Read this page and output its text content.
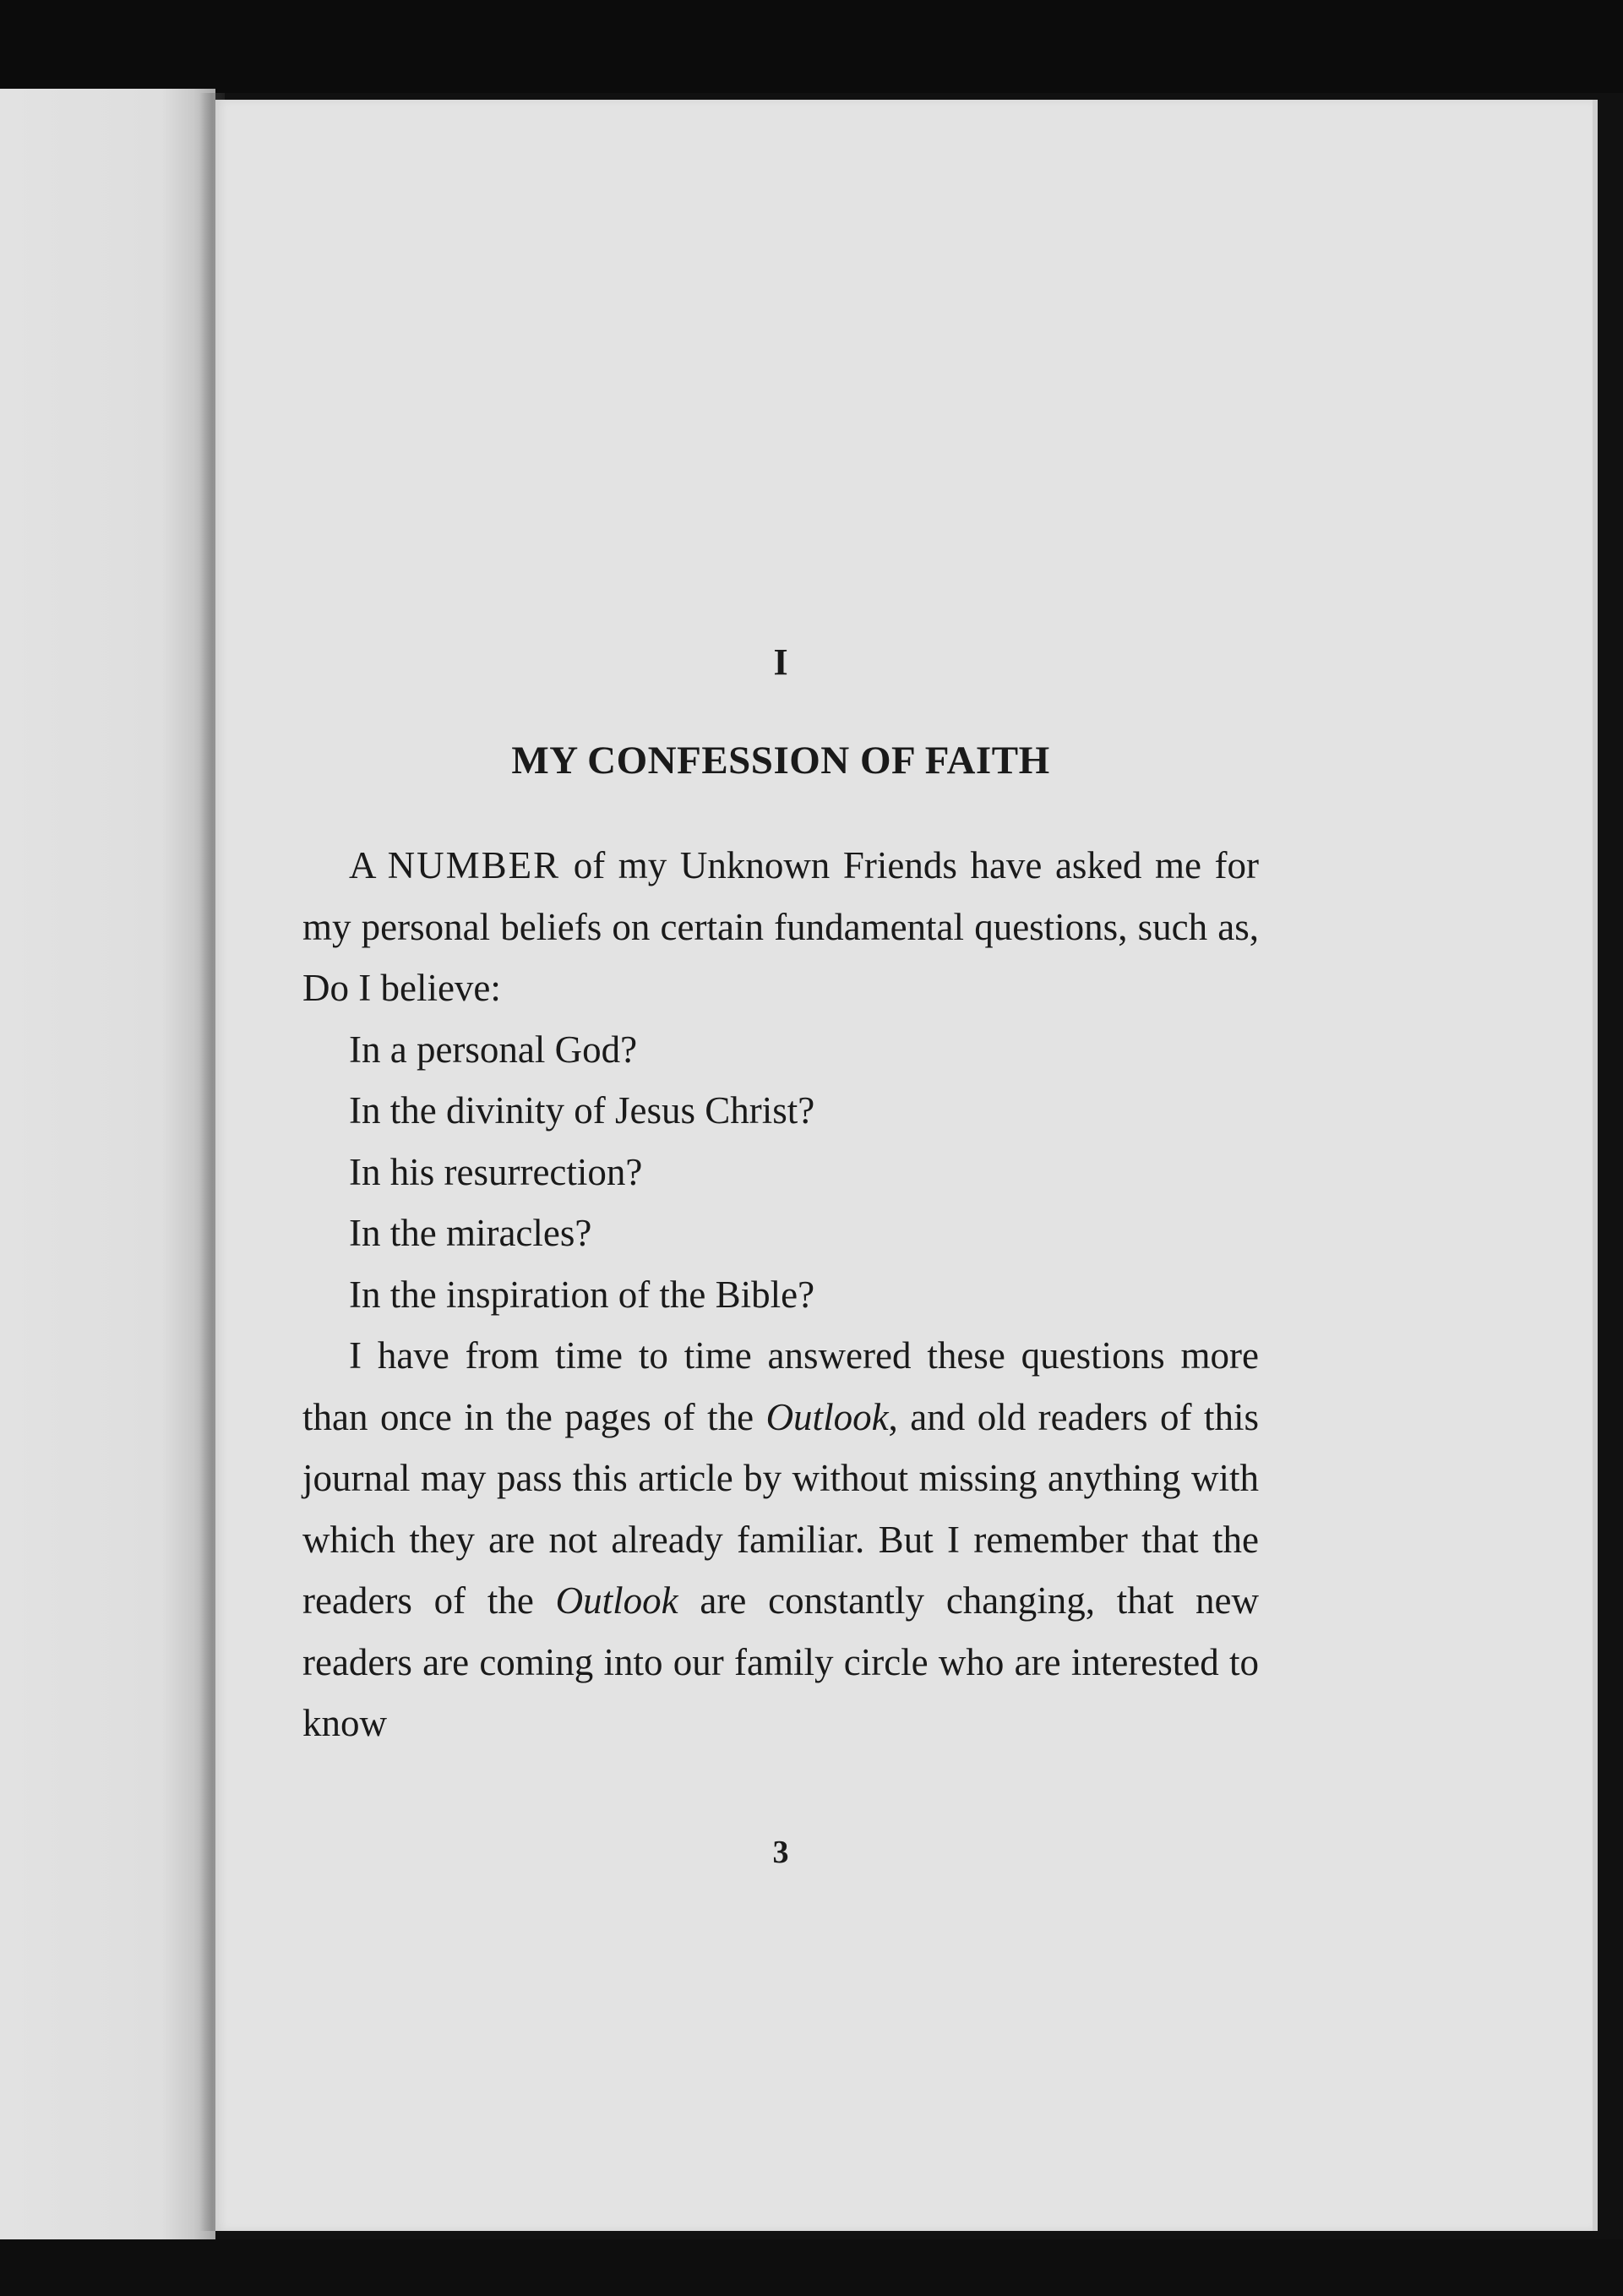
I
MY CONFESSION OF FAITH

A NUMBER of my Unknown Friends have asked me for my personal beliefs on certain fundamental questions, such as, Do I believe:

In a personal God?
In the divinity of Jesus Christ?
In his resurrection?
In the miracles?
In the inspiration of the Bible?

I have from time to time answered these questions more than once in the pages of the Outlook, and old readers of this journal may pass this article by without missing anything with which they are not already familiar. But I remember that the readers of the Outlook are constantly changing, that new readers are coming into our family circle who are interested to know

3
